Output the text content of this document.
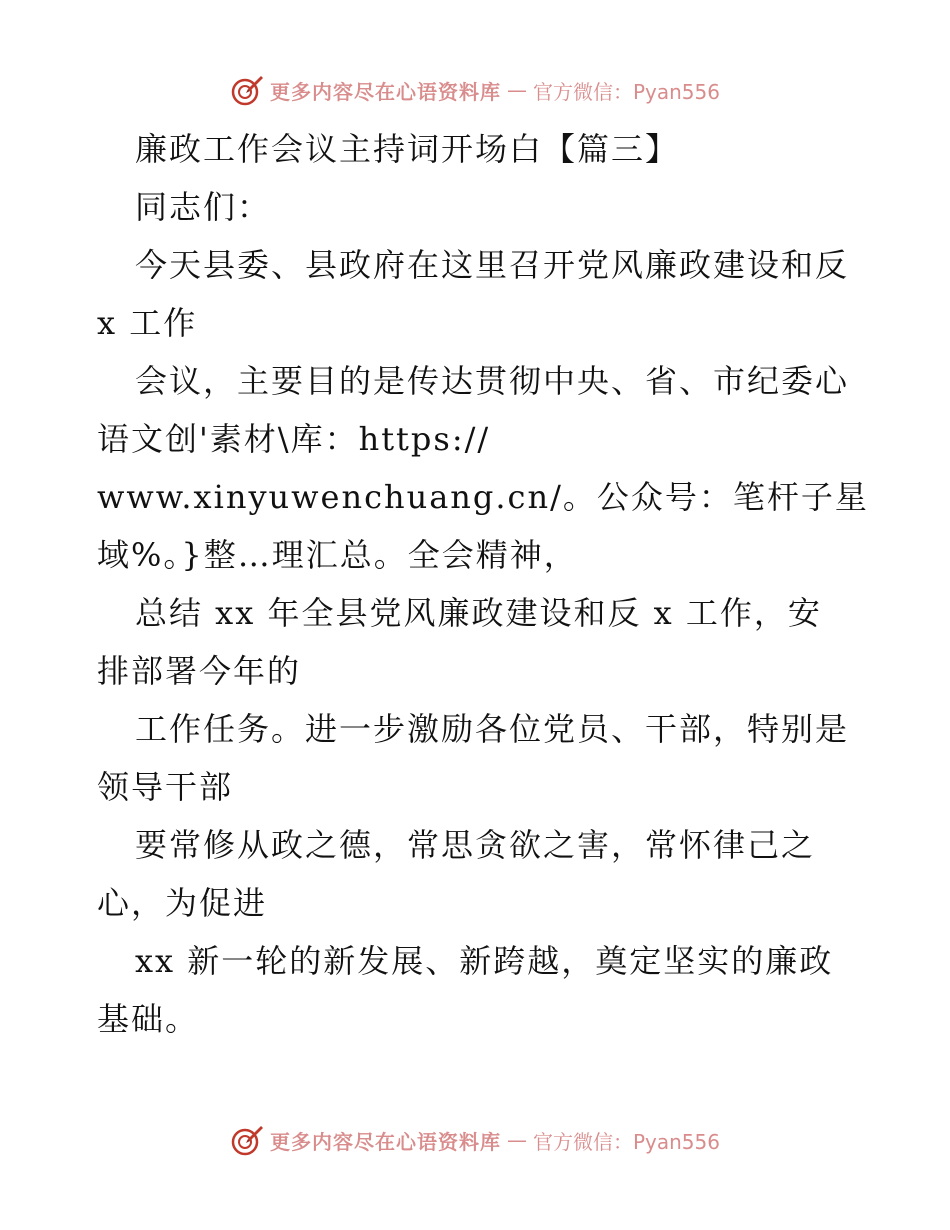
更多内容尽在心语资料库 — 官方微信：Pyan556
廉政工作会议主持词开场白【篇三】
同志们：
今天县委、县政府在这里召开党风廉政建设和反
x 工作
会议，主要目的是传达贯彻中央、省、市纪委心
语文创'素材\库：https://
www.xinyuwenchuang.cn/。公众号：笔杆子星
域%。}整…理汇总。全会精神，
总结 xx 年全县党风廉政建设和反 x 工作，安
排部署今年的
工作任务。进一步激励各位党员、干部，特别是
领导干部
要常修从政之德，常思贪欲之害，常怀律己之
心，为促进
xx 新一轮的新发展、新跨越，奠定坚实的廉政
基础。
更多内容尽在心语资料库 — 官方微信：Pyan556
